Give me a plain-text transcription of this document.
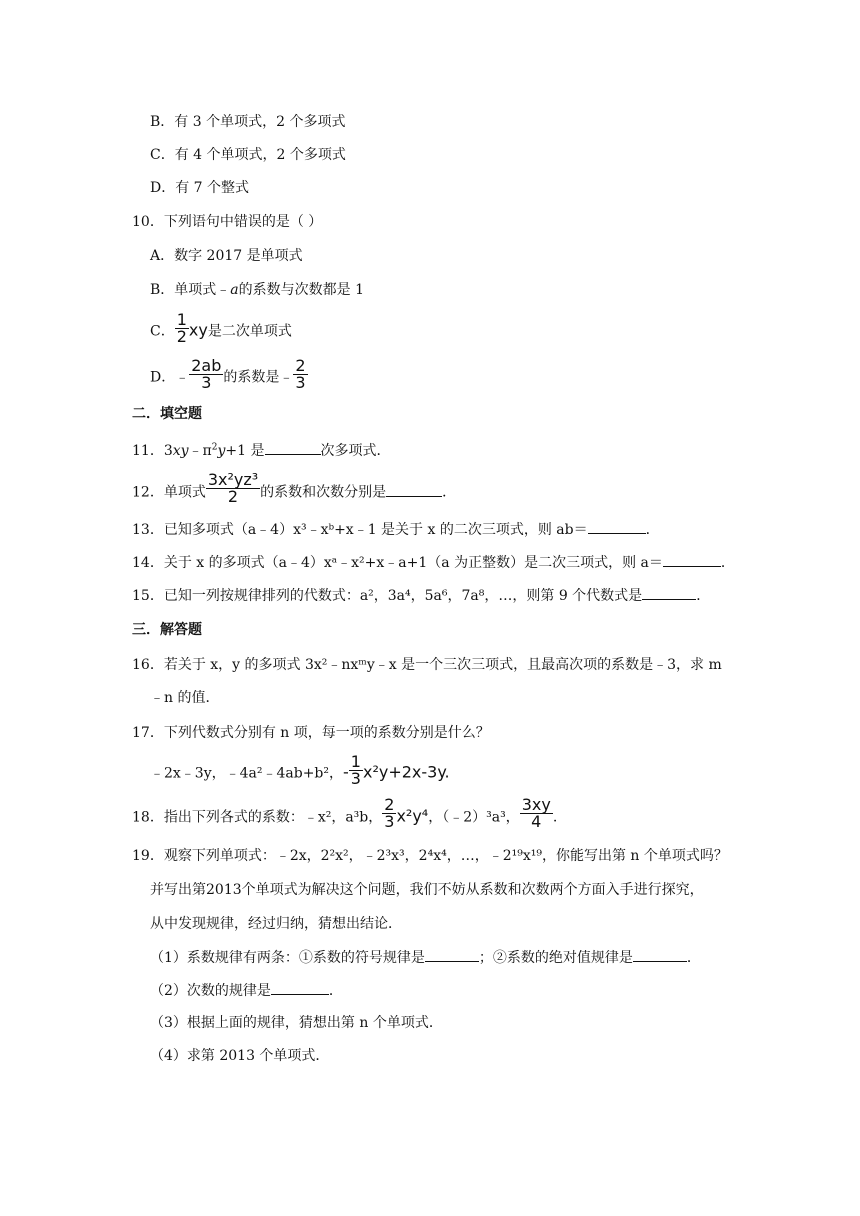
B．有 3 个单项式，2 个多项式
C．有 4 个单项式，2 个多项式
D．有 7 个整式
10．下列语句中错误的是（ ）
A．数字 2017 是单项式
B．单项式﹣a的系数与次数都是 1
C． $\frac{1}{2}$ xy是二次单项式
D．﹣ $\frac{2ab}{3}$ 的系数是﹣ $\frac{2}{3}$
二．填空题
11．$3xy﹣\pi^2y+1$ 是	次多项式．
12．单项式 $\frac{\text{3x²yz³}}{2}$ 的系数和次数分别是	．
13．已知多项式（a﹣4）x³﹣xᵇ+x﹣1 是关于 x 的二次三项式，则 ab＝	．
14．关于 x 的多项式（a﹣4）xᵃ﹣x²+x﹣a+1（a 为正整数）是二次三项式，则 a＝	．
15．已知一列按规律排列的代数式：a²，3a⁴，5a⁶，7a⁸，…，则第 9 个代数式是	．
三．解答题
16．若关于 x，y 的多项式 3x²﹣nxᵐy﹣x 是一个三次三项式，且最高次项的系数是﹣3，求 m
﹣n 的值．
17．下列代数式分别有 n 项，每一项的系数分别是什么？
﹣2x﹣3y，﹣4a²﹣4ab+b²，- $\frac{1}{3} x^2y+2x-3y$.
18．指出下列各式的系数：﹣x²，a³b， $\frac{2}{3} x^2y^4$，（﹣2）³a³， $\frac{3xy}{4}$ .
19．观察下列单项式：﹣2x，2²x²，﹣2³x³，2⁴x⁴，…，﹣2¹⁹x¹⁹，你能写出第 n 个单项式吗？
并写出第2013个单项式为解决这个问题，我们不妨从系数和次数两个方面入手进行探究，
从中发现规律，经过归纳，猜想出结论．
（1）系数规律有两条：①系数的符号规律是	；②系数的绝对值规律是	．
（2）次数的规律是	．
（3）根据上面的规律，猜想出第 n 个单项式．
（4）求第 2013 个单项式．
